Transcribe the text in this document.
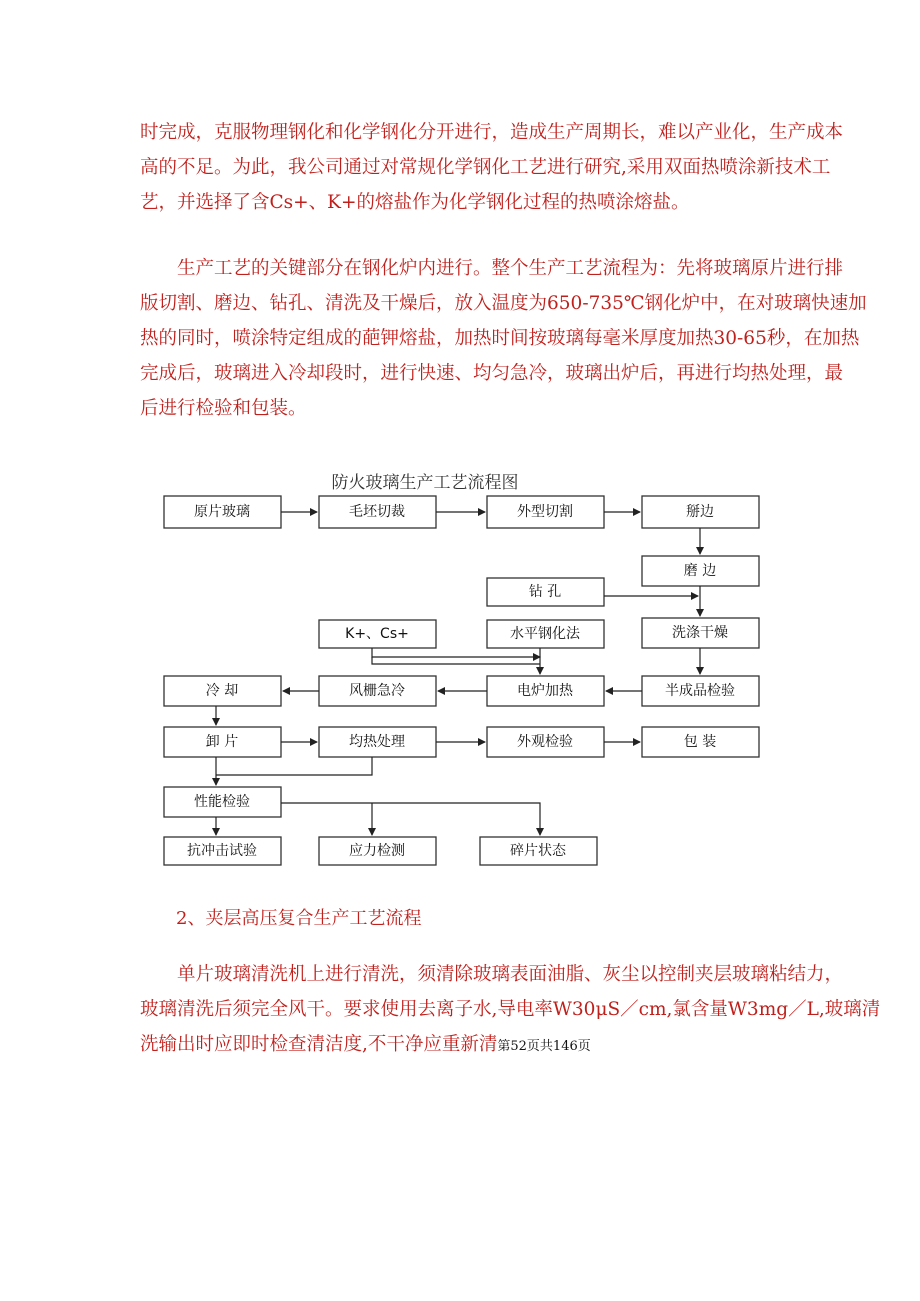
时完成，克服物理钢化和化学钢化分开进行，造成生产周期长，难以产业化，生产成本
高的不足。为此，我公司通过对常规化学钢化工艺进行研究,采用双面热喷涂新技术工
艺，并选择了含Cs+、K+的熔盐作为化学钢化过程的热喷涂熔盐。
　　生产工艺的关键部分在钢化炉内进行。整个生产工艺流程为：先将玻璃原片进行排
版切割、磨边、钻孔、清洗及干燥后，放入温度为650-735℃钢化炉中，在对玻璃快速加
热的同时，喷涂特定组成的葩钾熔盐，加热时间按玻璃每毫米厚度加热30-65秒，在加热
完成后，玻璃进入冷却段时，进行快速、均匀急冷，玻璃出炉后，再进行均热处理，最
后进行检验和包装。
防火玻璃生产工艺流程图
原片玻璃	毛坯切裁	外型切割	掰边
磨 边
钻 孔
洗涤干燥
K+、Cs+	水平钢化法
冷 却	风栅急冷	电炉加热	半成品检验
卸 片	均热处理	外观检验	包 装
性能检验
抗冲击试验	应力检测	碎片状态
2、夹层高压复合生产工艺流程
　　单片玻璃清洗机上进行清洗，须清除玻璃表面油脂、灰尘以控制夹层玻璃粘结力，
玻璃清洗后须完全风干。要求使用去离子水,导电率W30μS／cm,氯含量W3mg／L,玻璃清
洗输出时应即时检查清洁度,不干净应重新清第52页共146页
